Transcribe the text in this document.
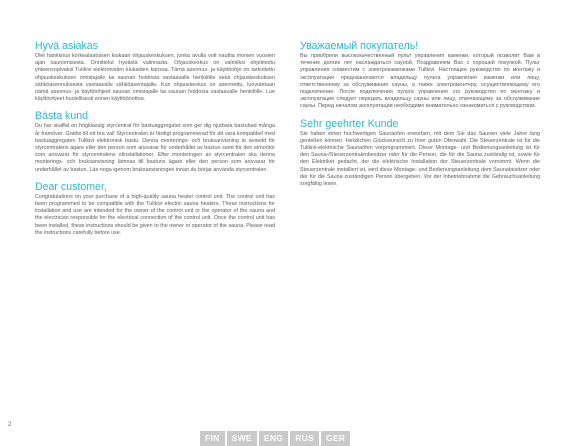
Hyvä asiakas

Olet hankkinut korkealaatuisen kiukaan ohjauskeskuksen, jonka avulla voit nauttia monien vuosien ajan saunomisesta. Onnittelut hyvästä valinnasta. Ohjauskeskus on valmiiksi ohjelmoitu yhteensopivaksi Tulikivi elektronisten kiukaiden kanssa. Tämä asennus- ja käyttöohje on tarkoitettu ohjauskeskuksen omistajalle tai saunan hoidosta vastaavalle henkilölle sekä ohjauskeskuksen sähköasennuksesta vastaavalle sähköasentajalle. Kun ohjauskeskus on asennettu, luovutetaan nämä asennus- ja käyttöohjeet saunan omistajalle tai saunan hoidosta vastaavalle henkilölle. Lue käyttöohjeet huolellisesti ennen käyttöönottoa.

Bästa kund

Du har skaffat en högklassig styrcentral för bastuaggregatet som ger dig njutbara bastubad många år framöver. Grattis till ett bra val! Styrcentralen är färdigt programmerad för att vara kompatibel med bastuaggregaten Tulikivi elektronisk bastu. Denna monterings- och bruksanvisning är avsedd för styrcentralens ägare eller den person som ansvarar för underhållet av bastun samt för den elmontör som ansvarar för styrcentralens elinstallationer. Efter monteringen av styrcentralen ska denna monterings- och bruksanvisning lämnas till bastuns ägare eller den person som ansvarar för underhållet av bastun. Läs noga igenom bruksanvisningen innan du börjar använda styrcentralen.

Dear customer,

Congratulations on your purchase of a high-quality sauna heater control unit. The control unit has been programmed to be compatible with the Tulikivi electric sauna heaters. These instructions for installation and use are intended for the owner of the control unit or the operator of the sauna and the electrician responsible for the electrical connection of the control unit. Once the control unit has been installed, these instructions should be given to the owner or operator of the sauna. Please read the instructions carefully before use.

Уважаемый покупатель!

Вы приобрели высококачественный пульт управления каменки, который позволит Вам в течение долгих лет наслаждаться сауной. Поздравляем Вас с хорошей покупкой. Пульт управления совместим с электрокаменками Tulikivi. Настоящее руководство по монтажу и эксплуатации предназначается владельцу пульта управления каменки или лицу, ответственному за обслуживание сауны, а также электромонтеру, осуществляющему его подключение. После подключения пульта управления это руководство по монтажу и эксплуатации следует передать владельцу сауны или лицу, отвечающему за обслуживание сауны. Перед началом эксплуатации необходимо внимательно ознакомиться с руководством.

Sehr geehrter Kunde

Sie haben einen hochwertigen Saunaofen erworben, mit dem Sie das Saunen viele Jahre lang genießen können. Herzlichen Glückwunsch zu Ihrer guten Ofenwahl. Die Steuerzentrale ist für die Tulikivi-elektrische Saunaöfen vorprogrammiert. Diese Montage- und Bedienungsanleitung ist für den Sauna-/Steuerzentralenbesitzer oder für die Person, die für die Sauna zuständig ist, sowie für den Elektriker gedacht, der die elektrische Installation der Steuerzentrale vornimmt. Wenn die Steuerzentrale installiert ist, wird diese Montage- und Bedienungsanleitung dem Saunabesitzer oder der für die Sauna zuständigen Person übergeben. Vor der Inbetriebnahme die Gebrauchsanleitung sorgfältig lesen.

2
FIN	SWE	ENG	RUS	GER
